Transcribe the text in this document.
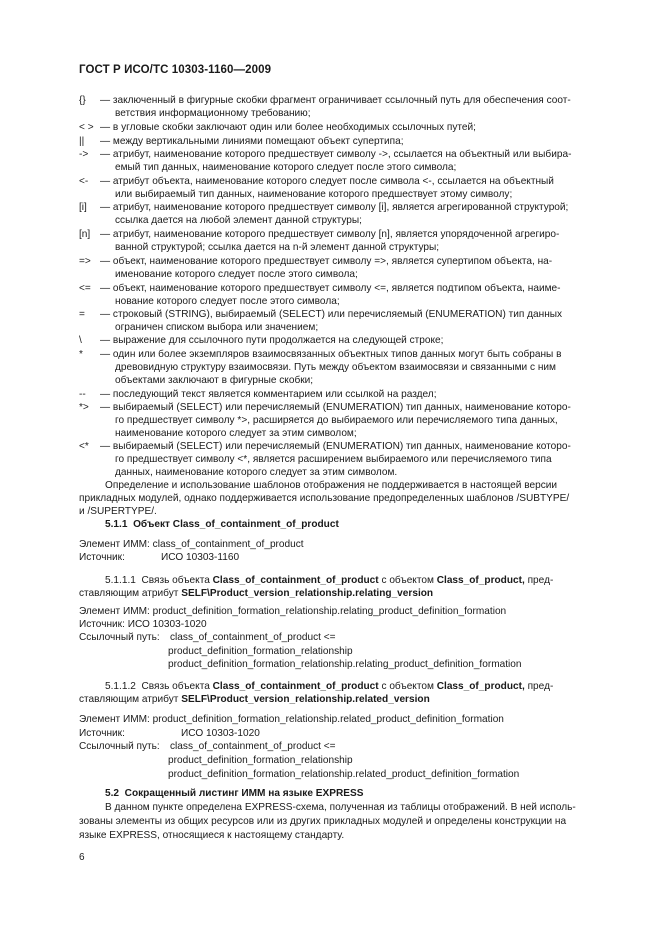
ГОСТ Р ИСО/ТС 10303-1160—2009
{} — заключенный в фигурные скобки фрагмент ограничивает ссылочный путь для обеспечения соот-
ветствия информационному требованию;
< > — в угловые скобки заключают один или более необходимых ссылочных путей;
|| — между вертикальными линиями помещают объект супертипа;
-> — атрибут, наименование которого предшествует символу ->, ссылается на объектный или выбира-
емый тип данных, наименование которого следует после этого символа;
<- — атрибут объекта, наименование которого следует после символа <-, ссылается на объектный
или выбираемый тип данных, наименование которого предшествует этому символу;
[i] — атрибут, наименование которого предшествует символу [i], является агрегированной структурой;
ссылка дается на любой элемент данной структуры;
[n] — атрибут, наименование которого предшествует символу [n], является упорядоченной агрегиро-
ванной структурой; ссылка дается на n-й элемент данной структуры;
=> — объект, наименование которого предшествует символу =>, является супертипом объекта, на-
именование которого следует после этого символа;
<= — объект, наименование которого предшествует символу <=, является подтипом объекта, наиме-
нование которого следует после этого символа;
= — строковый (STRING), выбираемый (SELECT) или перечисляемый (ENUMERATION) тип данных
ограничен списком выбора или значением;
\ — выражение для ссылочного пути продолжается на следующей строке;
* — один или более экземпляров взаимосвязанных объектных типов данных могут быть собраны в
древовидную структуру взаимосвязи. Путь между объектом взаимосвязи и связанными с ним
объектами заключают в фигурные скобки;
-- — последующий текст является комментарием или ссылкой на раздел;
*> — выбираемый (SELECT) или перечисляемый (ENUMERATION) тип данных, наименование которо-
го предшествует символу *>, расширяется до выбираемого или перечисляемого типа данных,
наименование которого следует за этим символом;
<* — выбираемый (SELECT) или перечисляемый (ENUMERATION) тип данных, наименование которо-
го предшествует символу <*, является расширением выбираемого или перечисляемого типа
данных, наименование которого следует за этим символом.
Определение и использование шаблонов отображения не поддерживается в настоящей версии
прикладных модулей, однако поддерживается использование предопределенных шаблонов /SUBTYPE/
и /SUPERTYPE/.
5.1.1 Объект Class_of_containment_of_product
Элемент ИММ: class_of_containment_of_product
Источник:	ИСО 10303-1160
5.1.1.1 Связь объекта Class_of_containment_of_product с объектом Class_of_product, пред-
ставляющим атрибут SELF\Product_version_relationship.relating_version
Элемент ИММ: product_definition_formation_relationship.relating_product_definition_formation
Источник: ИСО 10303-1020
Ссылочный путь: class_of_containment_of_product <=
product_definition_formation_relationship
product_definition_formation_relationship.relating_product_definition_formation
5.1.1.2 Связь объекта Class_of_containment_of_product с объектом Class_of_product, пред-
ставляющим атрибут SELF\Product_version_relationship.related_version
Элемент ИММ: product_definition_formation_relationship.related_product_definition_formation
Источник:	ИСО 10303-1020
Ссылочный путь: class_of_containment_of_product <=
product_definition_formation_relationship
product_definition_formation_relationship.related_product_definition_formation
5.2 Сокращенный листинг ИММ на языке EXPRESS
В данном пункте определена EXPRESS-схема, полученная из таблицы отображений. В ней исполь-
зованы элементы из общих ресурсов или из других прикладных модулей и определены конструкции на
языке EXPRESS, относящиеся к настоящему стандарту.
6
